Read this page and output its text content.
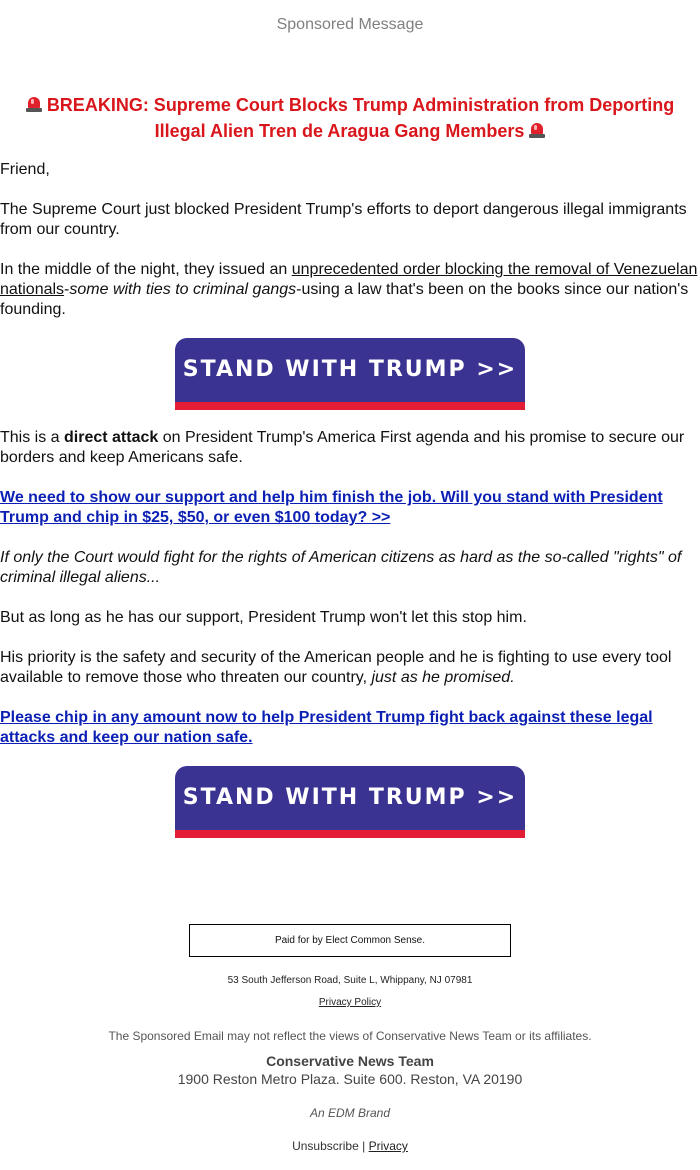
Sponsored Message
BREAKING: Supreme Court Blocks Trump Administration from Deporting
Illegal Alien Tren de Aragua Gang Members

Friend,

The Supreme Court just blocked President Trump's efforts to deport dangerous illegal immigrants from our country.

In the middle of the night, they issued an unprecedented order blocking the removal of Venezuelan nationals-some with ties to criminal gangs-using a law that's been on the books since our nation's founding.

STAND WITH TRUMP >>

This is a direct attack on President Trump's America First agenda and his promise to secure our borders and keep Americans safe.

We need to show our support and help him finish the job. Will you stand with President Trump and chip in $25, $50, or even $100 today? >>

If only the Court would fight for the rights of American citizens as hard as the so-called "rights" of criminal illegal aliens...

But as long as he has our support, President Trump won't let this stop him.

His priority is the safety and security of the American people and he is fighting to use every tool available to remove those who threaten our country, just as he promised.

Please chip in any amount now to help President Trump fight back against these legal attacks and keep our nation safe.

STAND WITH TRUMP >>
Paid for by Elect Common Sense.
53 South Jefferson Road, Suite L, Whippany, NJ 07981
Privacy Policy
The Sponsored Email may not reflect the views of Conservative News Team or its affiliates.
Conservative News Team
1900 Reston Metro Plaza. Suite 600. Reston, VA 20190
An EDM Brand
Unsubscribe | Privacy
